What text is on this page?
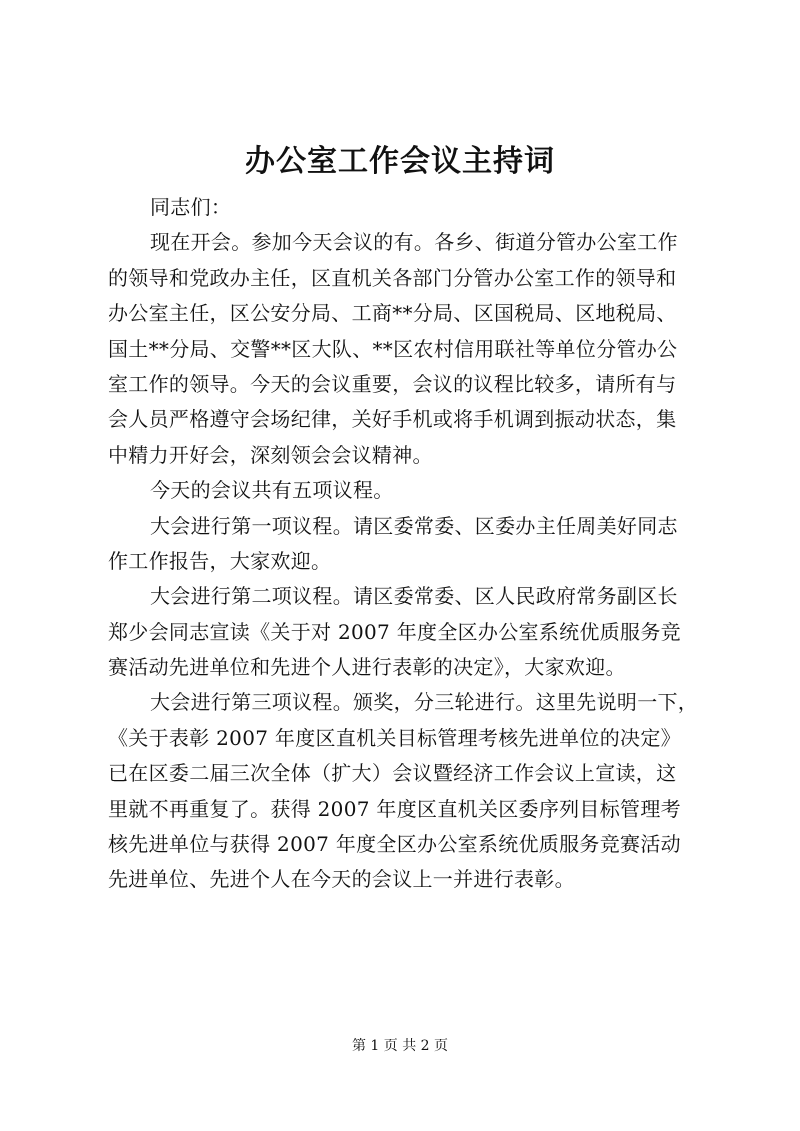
办公室工作会议主持词
同志们：
现在开会。参加今天会议的有。各乡、街道分管办公室工作
的领导和党政办主任，区直机关各部门分管办公室工作的领导和
办公室主任，区公安分局、工商**分局、区国税局、区地税局、
国土**分局、交警**区大队、**区农村信用联社等单位分管办公
室工作的领导。今天的会议重要，会议的议程比较多，请所有与
会人员严格遵守会场纪律，关好手机或将手机调到振动状态，集
中精力开好会，深刻领会会议精神。
今天的会议共有五项议程。
大会进行第一项议程。请区委常委、区委办主任周美好同志
作工作报告，大家欢迎。
大会进行第二项议程。请区委常委、区人民政府常务副区长
郑少会同志宣读《关于对 2007 年度全区办公室系统优质服务竞
赛活动先进单位和先进个人进行表彰的决定》，大家欢迎。
大会进行第三项议程。颁奖，分三轮进行。这里先说明一下，
《关于表彰 2007 年度区直机关目标管理考核先进单位的决定》
已在区委二届三次全体（扩大）会议暨经济工作会议上宣读，这
里就不再重复了。获得 2007 年度区直机关区委序列目标管理考
核先进单位与获得 2007 年度全区办公室系统优质服务竞赛活动
先进单位、先进个人在今天的会议上一并进行表彰。
第 1 页 共 2 页
